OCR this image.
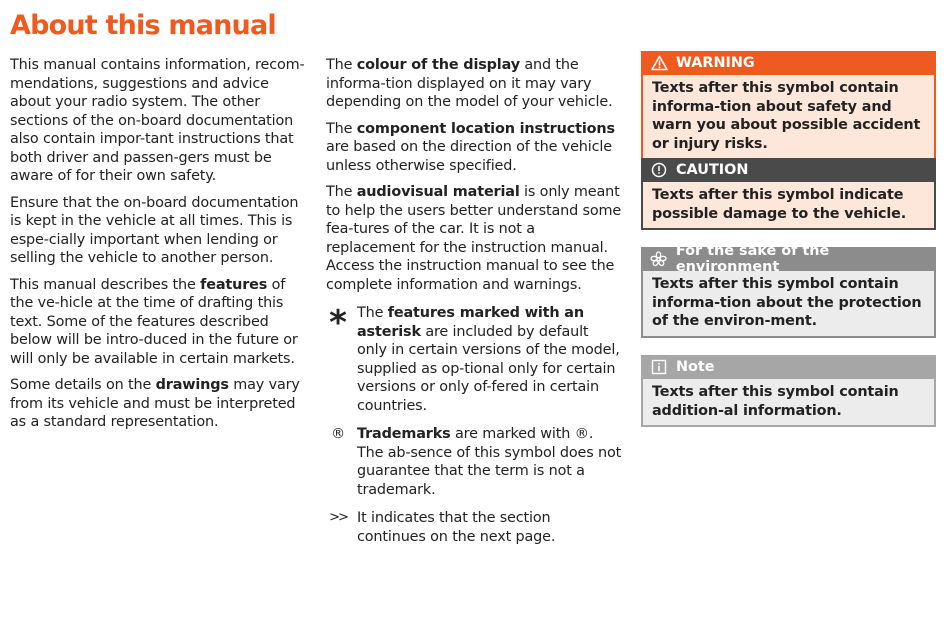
About this manual

This manual contains information, recom-mendations, suggestions and advice about your radio system. The other sections of the on-board documentation also contain impor-tant instructions that both driver and passen-gers must be aware of for their own safety.

Ensure that the on-board documentation is kept in the vehicle at all times. This is espe-cially important when lending or selling the vehicle to another person.

This manual describes the features of the ve-hicle at the time of drafting this text. Some of the features described below will be intro-duced in the future or will only be available in certain markets.

Some details on the drawings may vary from its vehicle and must be interpreted as a standard representation.

The colour of the display and the informa-tion displayed on it may vary depending on the model of your vehicle.

The component location instructions are based on the direction of the vehicle unless otherwise specified.

The audiovisual material is only meant to help the users better understand some fea-tures of the car. It is not a replacement for the instruction manual. Access the instruction manual to see the complete information and warnings.

* The features marked with an asterisk are included by default only in certain versions of the model, supplied as op-tional only for certain versions or only of-fered in certain countries.
® Trademarks are marked with ®. The ab-sence of this symbol does not guarantee that the term is not a trademark.
>> It indicates that the section continues on the next page.
WARNING
Texts after this symbol contain informa-tion about safety and warn you about possible accident or injury risks.
CAUTION
Texts after this symbol indicate possible damage to the vehicle.
For the sake of the environment
Texts after this symbol contain informa-tion about the protection of the environ-ment.
Note
Texts after this symbol contain addition-al information.
